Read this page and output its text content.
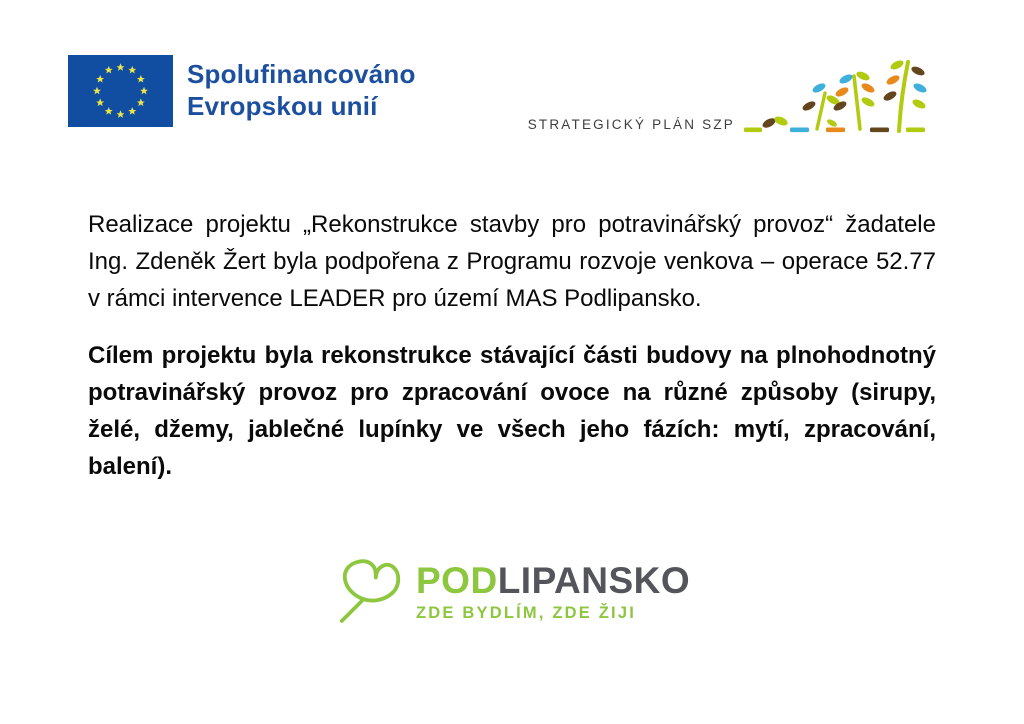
Spolufinancováno
Evropskou unií
STRATEGICKÝ PLÁN SZP

Realizace projektu „Rekonstrukce stavby pro potravinářský provoz“ žadatele Ing. Zdeněk Žert byla podpořena z Programu rozvoje venkova – operace 52.77 v rámci intervence LEADER pro území MAS Podlipansko.

Cílem projektu byla rekonstrukce stávající části budovy na plnohodnotný potravinářský provoz pro zpracování ovoce na různé způsoby (sirupy, želé, džemy, jablečné lupínky ve všech jeho fázích: mytí, zpracování, balení).

PODLIPANSKO
ZDE BYDLÍM, ZDE ŽIJI
